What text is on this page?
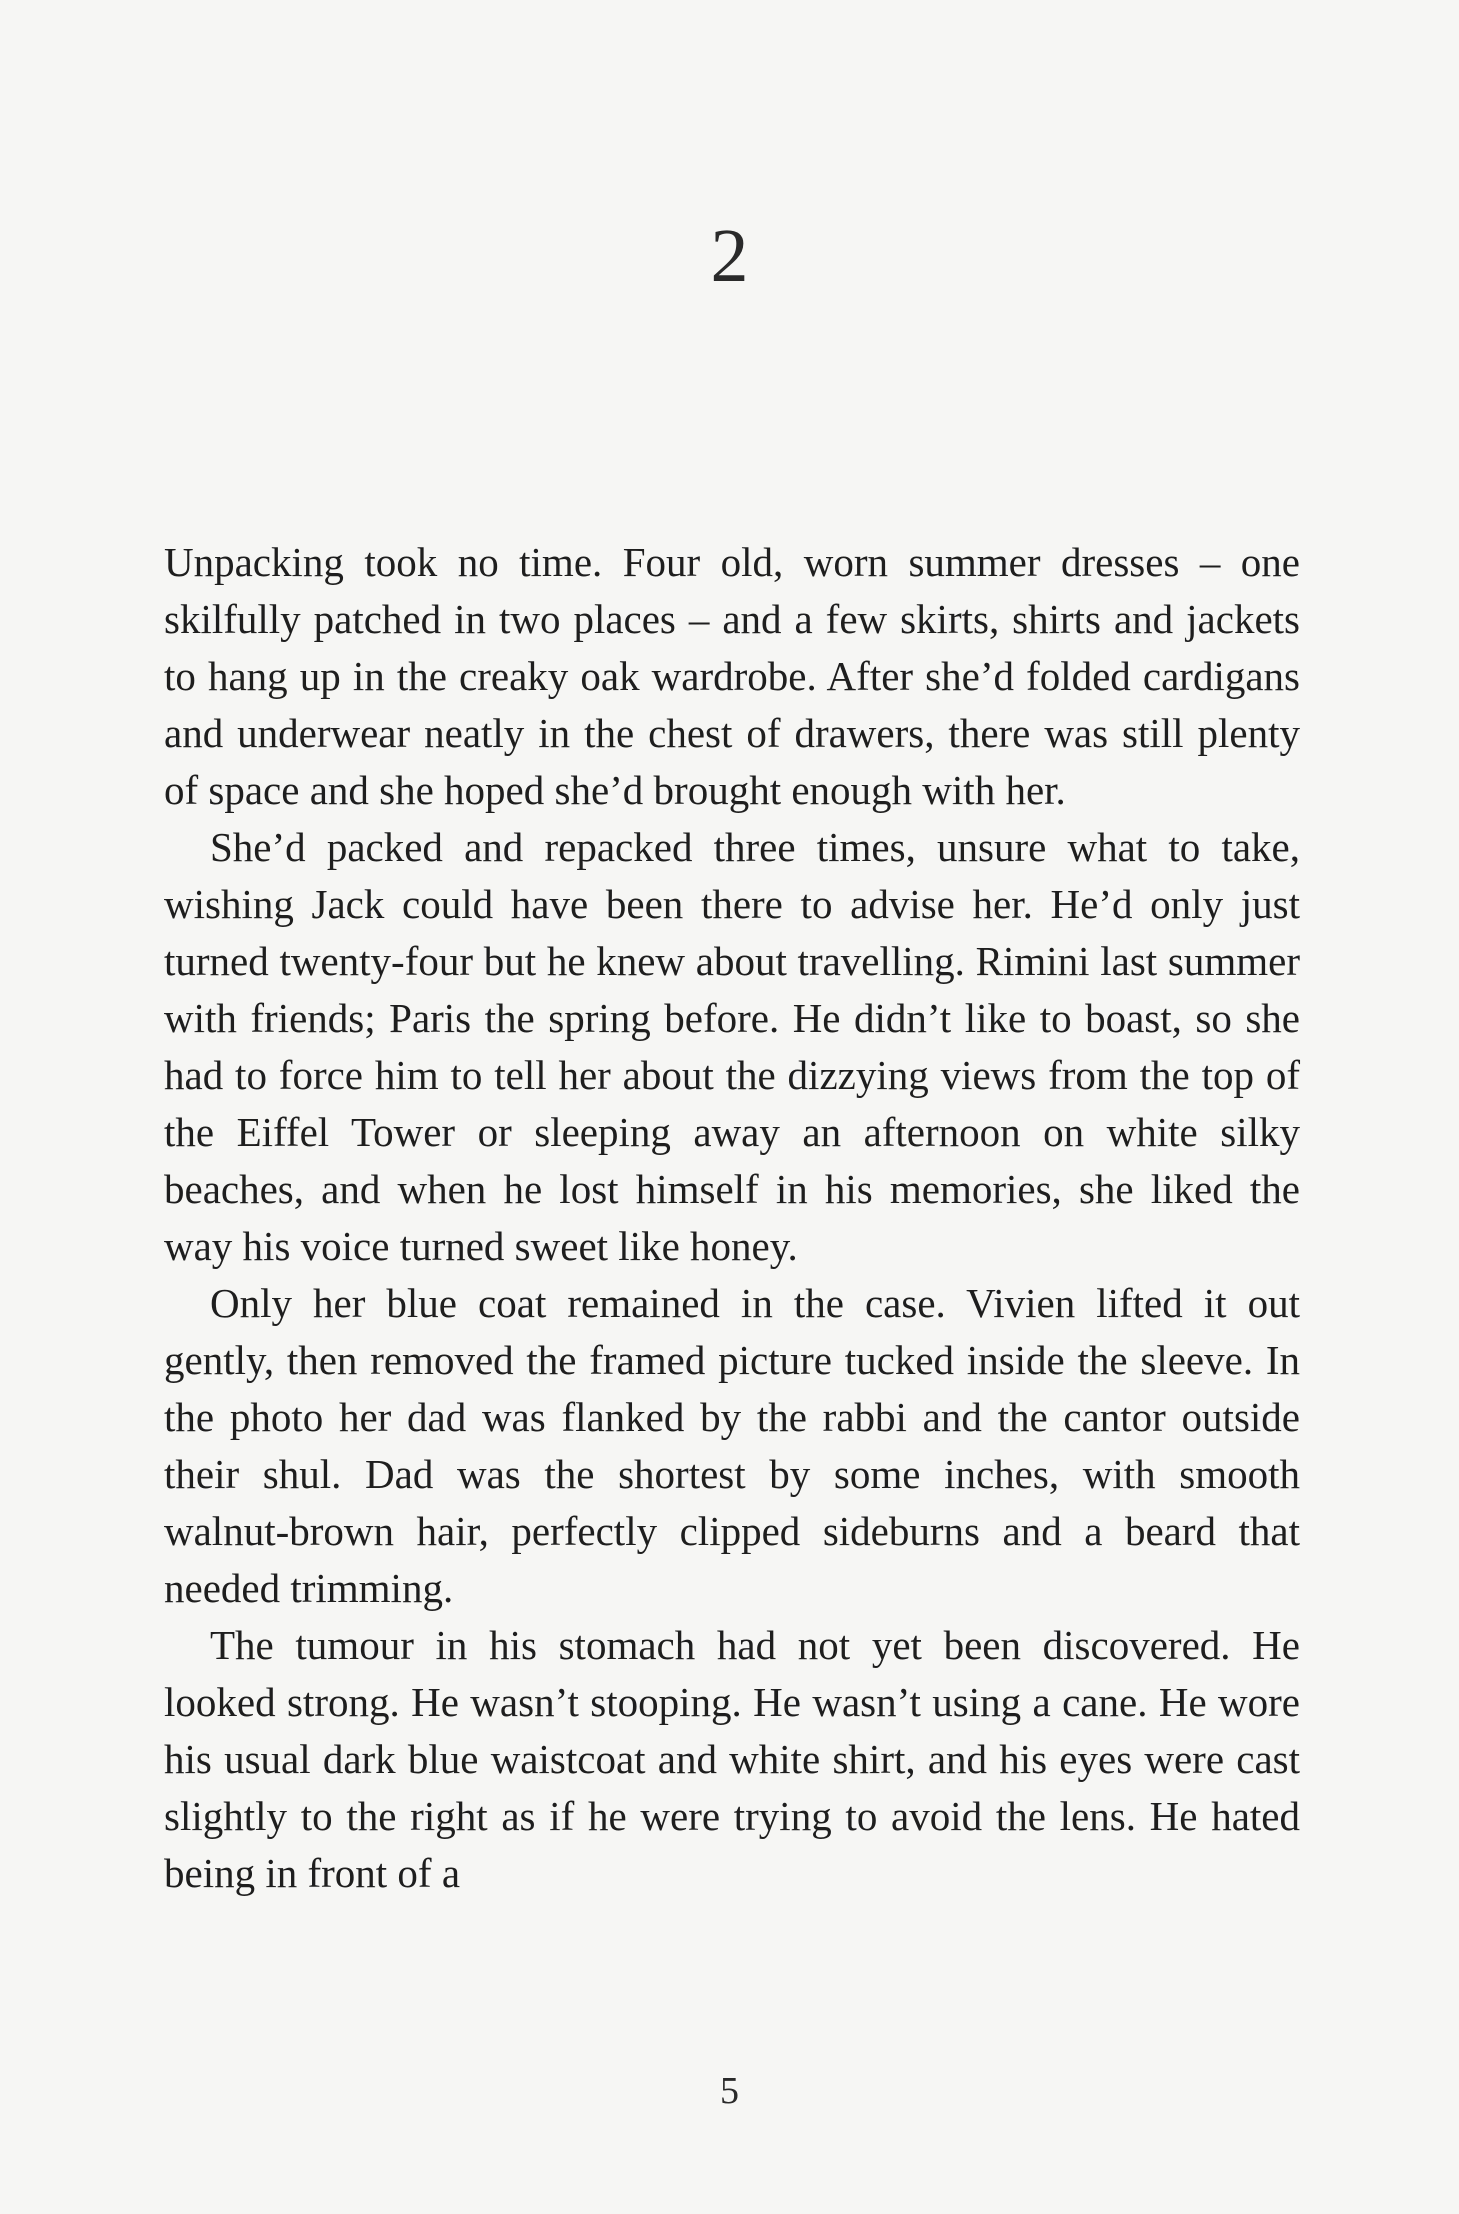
2

Unpacking took no time. Four old, worn summer dresses – one skilfully patched in two places – and a few skirts, shirts and jackets to hang up in the creaky oak wardrobe. After she’d folded cardigans and underwear neatly in the chest of drawers, there was still plenty of space and she hoped she’d brought enough with her.

She’d packed and repacked three times, unsure what to take, wishing Jack could have been there to advise her. He’d only just turned twenty-four but he knew about travelling. Rimini last summer with friends; Paris the spring before. He didn’t like to boast, so she had to force him to tell her about the dizzying views from the top of the Eiffel Tower or sleeping away an afternoon on white silky beaches, and when he lost himself in his memories, she liked the way his voice turned sweet like honey.

Only her blue coat remained in the case. Vivien lifted it out gently, then removed the framed picture tucked inside the sleeve. In the photo her dad was flanked by the rabbi and the cantor outside their shul. Dad was the shortest by some inches, with smooth walnut-brown hair, perfectly clipped sideburns and a beard that needed trimming.

The tumour in his stomach had not yet been discovered. He looked strong. He wasn’t stooping. He wasn’t using a cane. He wore his usual dark blue waistcoat and white shirt, and his eyes were cast slightly to the right as if he were trying to avoid the lens. He hated being in front of a

5
